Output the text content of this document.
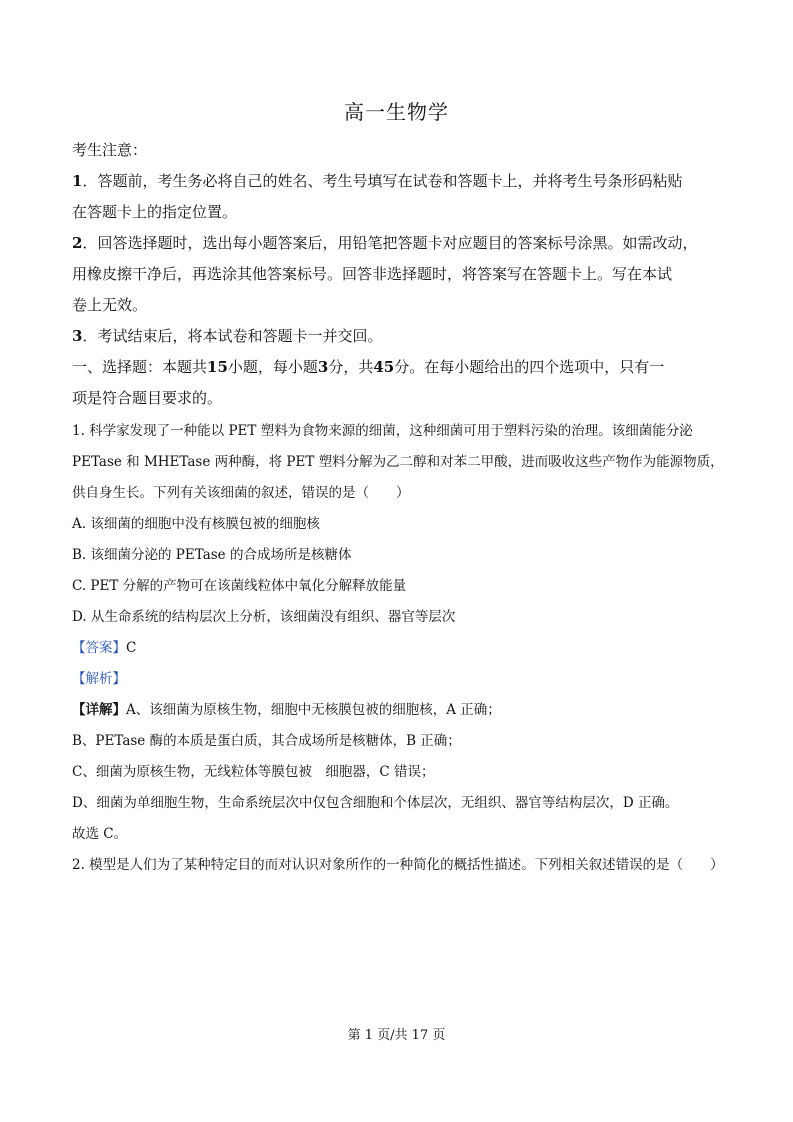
高一生物学
考生注意：
1．答题前，考生务必将自己的姓名、考生号填写在试卷和答题卡上，并将考生号条形码粘贴
在答题卡上的指定位置。
2．回答选择题时，选出每小题答案后，用铅笔把答题卡对应题目的答案标号涂黑。如需改动，
用橡皮擦干净后，再选涂其他答案标号。回答非选择题时，将答案写在答题卡上。写在本试
卷上无效。
3．考试结束后，将本试卷和答题卡一并交回。
一、选择题：本题共15小题，每小题3分，共45分。在每小题给出的四个选项中，只有一
项是符合题目要求的。
1. 科学家发现了一种能以 PET 塑料为食物来源的细菌，这种细菌可用于塑料污染的治理。该细菌能分泌
PETase 和 MHETase 两种酶，将 PET 塑料分解为乙二醇和对苯二甲酸，进而吸收这些产物作为能源物质，
供自身生长。下列有关该细菌的叙述，错误的是（　　）
A. 该细菌的细胞中没有核膜包被的细胞核
B. 该细菌分泌的 PETase 的合成场所是核糖体
C. PET 分解的产物可在该菌线粒体中氧化分解释放能量
D. 从生命系统的结构层次上分析，该细菌没有组织、器官等层次
【答案】C
【解析】
【详解】A、该细菌为原核生物，细胞中无核膜包被的细胞核，A 正确；
B、PETase 酶的本质是蛋白质，其合成场所是核糖体，B 正确；
C、细菌为原核生物，无线粒体等膜包被　细胞器，C 错误；
D、细菌为单细胞生物，生命系统层次中仅包含细胞和个体层次，无组织、器官等结构层次，D 正确。
故选 C。
2. 模型是人们为了某种特定目的而对认识对象所作的一种简化的概括性描述。下列相关叙述错误的是（　　）
第 1 页/共 17 页
